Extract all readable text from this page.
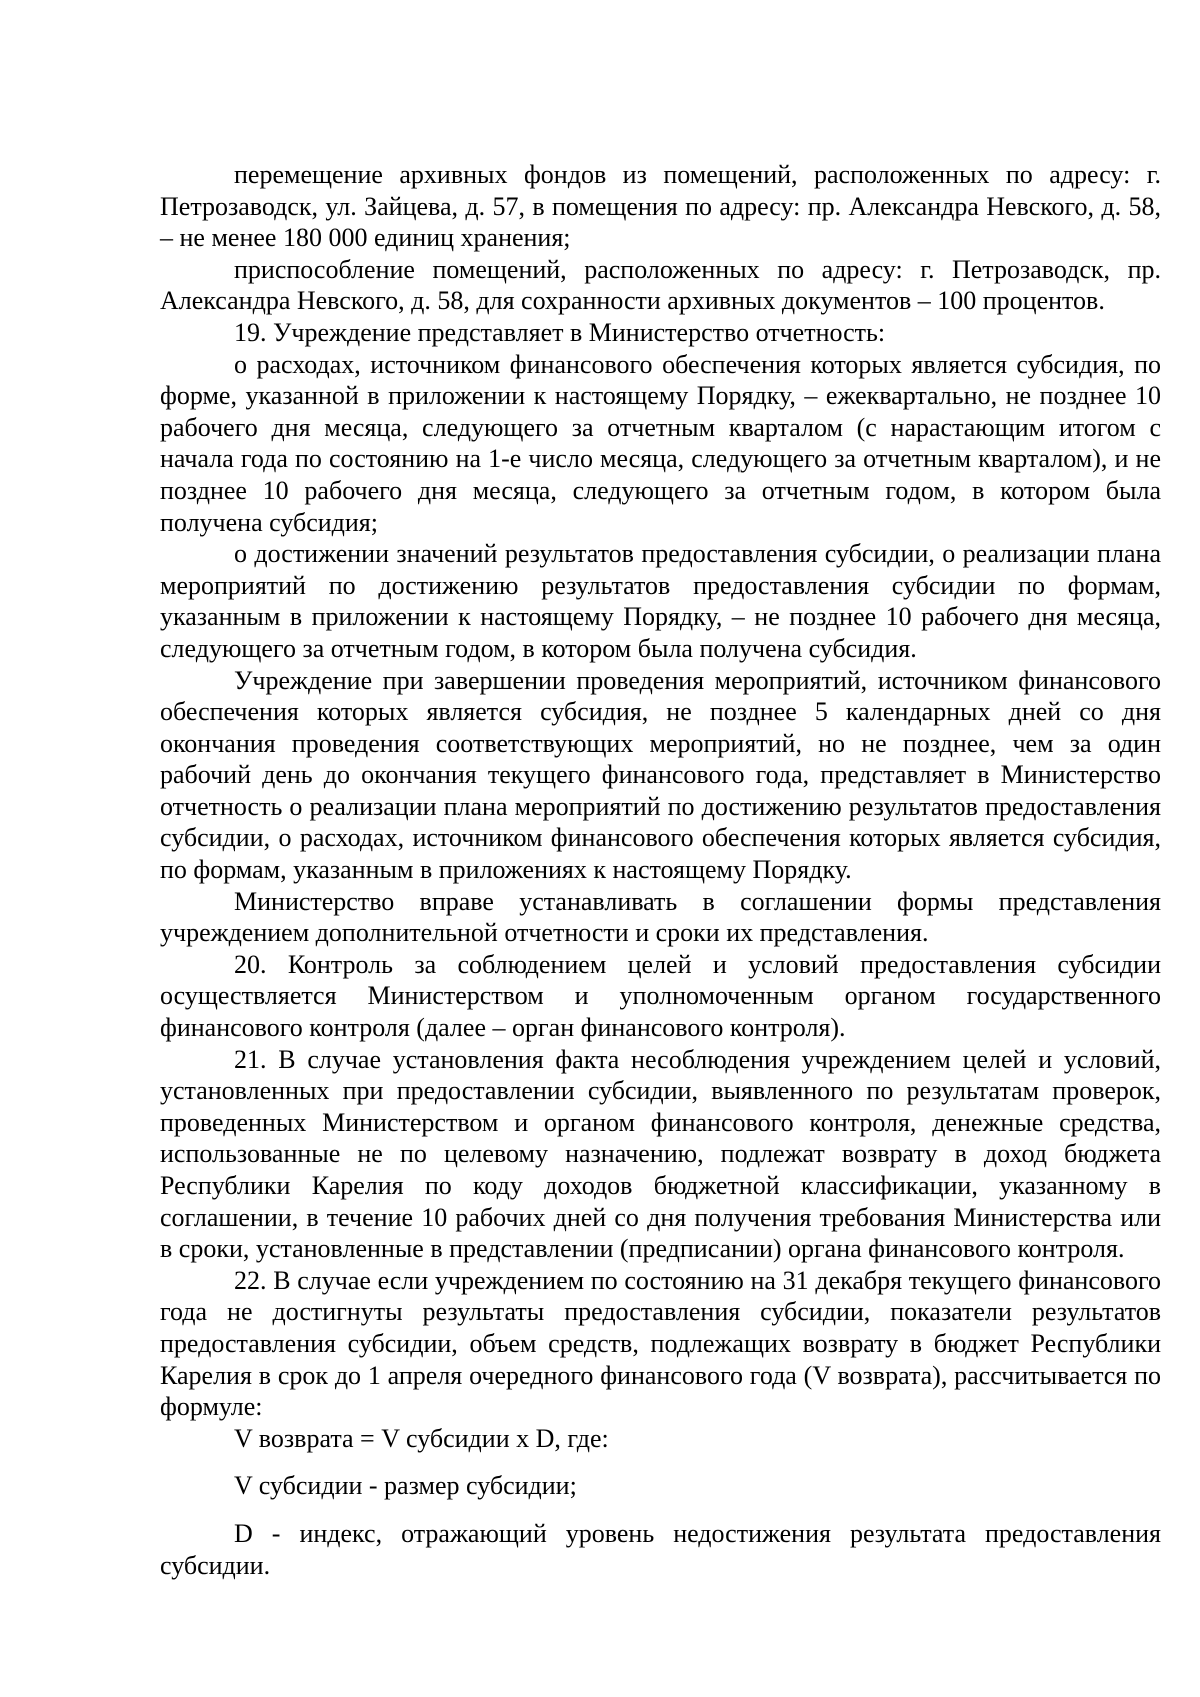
перемещение архивных фондов из помещений, расположенных по адресу: г. Петрозаводск, ул. Зайцева, д. 57, в помещения по адресу: пр. Александра Невского, д. 58, – не менее 180 000 единиц хранения;

приспособление помещений, расположенных по адресу: г. Петрозаводск, пр. Александра Невского, д. 58, для сохранности архивных документов – 100 процентов.

19. Учреждение представляет в Министерство отчетность:

о расходах, источником финансового обеспечения которых является субсидия, по форме, указанной в приложении к настоящему Порядку, – ежеквартально, не позднее 10 рабочего дня месяца, следующего за отчетным кварталом (с нарастающим итогом с начала года по состоянию на 1-е число месяца, следующего за отчетным кварталом), и не позднее 10 рабочего дня месяца, следующего за отчетным годом, в котором была получена субсидия;

о достижении значений результатов предоставления субсидии, о реализации плана мероприятий по достижению результатов предоставления субсидии по формам, указанным в приложении к настоящему Порядку, – не позднее 10 рабочего дня месяца, следующего за отчетным годом, в котором была получена субсидия.

Учреждение при завершении проведения мероприятий, источником финансового обеспечения которых является субсидия, не позднее 5 календарных дней со дня окончания проведения соответствующих мероприятий, но не позднее, чем за один рабочий день до окончания текущего финансового года, представляет в Министерство отчетность о реализации плана мероприятий по достижению результатов предоставления субсидии, о расходах, источником финансового обеспечения которых является субсидия, по формам, указанным в приложениях к настоящему Порядку.

Министерство вправе устанавливать в соглашении формы представления учреждением дополнительной отчетности и сроки их представления.

20. Контроль за соблюдением целей и условий предоставления субсидии осуществляется Министерством и уполномоченным органом государственного финансового контроля (далее – орган финансового контроля).

21. В случае установления факта несоблюдения учреждением целей и условий, установленных при предоставлении субсидии, выявленного по результатам проверок, проведенных Министерством и органом финансового контроля, денежные средства, использованные не по целевому назначению, подлежат возврату в доход бюджета Республики Карелия по коду доходов бюджетной классификации, указанному в соглашении, в течение 10 рабочих дней со дня получения требования Министерства или в сроки, установленные в представлении (предписании) органа финансового контроля.

22. В случае если учреждением по состоянию на 31 декабря текущего финансового года не достигнуты результаты предоставления субсидии, показатели результатов предоставления субсидии, объем средств, подлежащих возврату в бюджет Республики Карелия в срок до 1 апреля очередного финансового года (V возврата), рассчитывается по формуле:

V возврата = V субсидии x D, где:

V субсидии - размер субсидии;

D - индекс, отражающий уровень недостижения результата предоставления субсидии.
